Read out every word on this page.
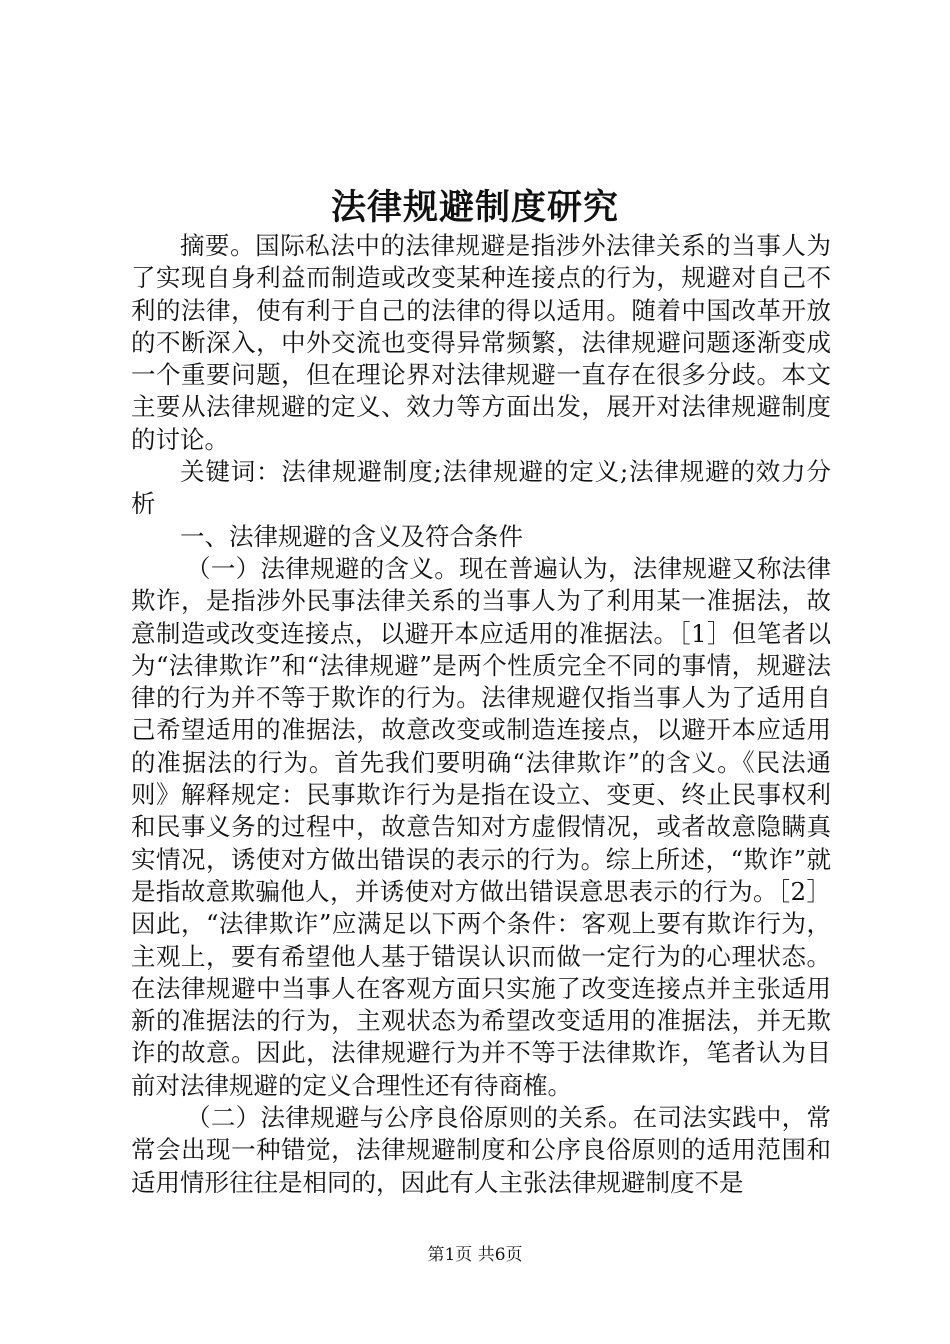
法律规避制度研究

摘要。国际私法中的法律规避是指涉外法律关系的当事人为了实现自身利益而制造或改变某种连接点的行为，规避对自己不利的法律，使有利于自己的法律的得以适用。随着中国改革开放的不断深入，中外交流也变得异常频繁，法律规避问题逐渐变成一个重要问题，但在理论界对法律规避一直存在很多分歧。本文主要从法律规避的定义、效力等方面出发，展开对法律规避制度的讨论。

关键词：法律规避制度;法律规避的定义;法律规避的效力分析

一、法律规避的含义及符合条件

（一）法律规避的含义。现在普遍认为，法律规避又称法律欺诈，是指涉外民事法律关系的当事人为了利用某一准据法，故意制造或改变连接点，以避开本应适用的准据法。［1］但笔者以为“法律欺诈”和“法律规避”是两个性质完全不同的事情，规避法律的行为并不等于欺诈的行为。法律规避仅指当事人为了适用自己希望适用的准据法，故意改变或制造连接点，以避开本应适用的准据法的行为。首先我们要明确“法律欺诈”的含义。《民法通则》解释规定：民事欺诈行为是指在设立、变更、终止民事权利和民事义务的过程中，故意告知对方虚假情况，或者故意隐瞒真实情况，诱使对方做出错误的表示的行为。综上所述，“欺诈”就是指故意欺骗他人，并诱使对方做出错误意思表示的行为。［2］因此，“法律欺诈”应满足以下两个条件：客观上要有欺诈行为，主观上，要有希望他人基于错误认识而做一定行为的心理状态。在法律规避中当事人在客观方面只实施了改变连接点并主张适用新的准据法的行为，主观状态为希望改变适用的准据法，并无欺诈的故意。因此，法律规避行为并不等于法律欺诈，笔者认为目前对法律规避的定义合理性还有待商榷。

（二）法律规避与公序良俗原则的关系。在司法实践中，常常会出现一种错觉，法律规避制度和公序良俗原则的适用范围和适用情形往往是相同的，因此有人主张法律规避制度不是

第1页 共6页
